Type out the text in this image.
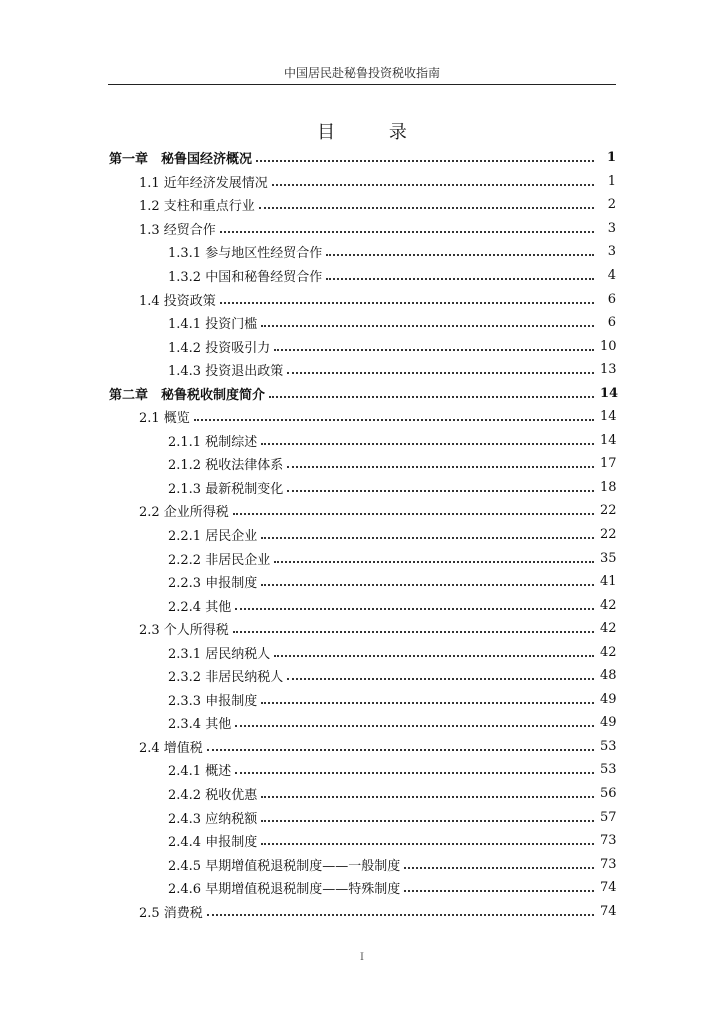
中国居民赴秘鲁投资税收指南
目 录
第一章　秘鲁国经济概况	1
1.1 近年经济发展情况	1
1.2 支柱和重点行业	2
1.3 经贸合作	3
1.3.1 参与地区性经贸合作	3
1.3.2 中国和秘鲁经贸合作	4
1.4 投资政策	6
1.4.1 投资门槛	6
1.4.2 投资吸引力	10
1.4.3 投资退出政策	13
第二章　秘鲁税收制度简介	14
2.1 概览	14
2.1.1 税制综述	14
2.1.2 税收法律体系	17
2.1.3 最新税制变化	18
2.2 企业所得税	22
2.2.1 居民企业	22
2.2.2 非居民企业	35
2.2.3 申报制度	41
2.2.4 其他	42
2.3 个人所得税	42
2.3.1 居民纳税人	42
2.3.2 非居民纳税人	48
2.3.3 申报制度	49
2.3.4 其他	49
2.4 增值税	53
2.4.1 概述	53
2.4.2 税收优惠	56
2.4.3 应纳税额	57
2.4.4 申报制度	73
2.4.5 早期增值税退税制度——一般制度	73
2.4.6 早期增值税退税制度——特殊制度	74
2.5 消费税	74
I
